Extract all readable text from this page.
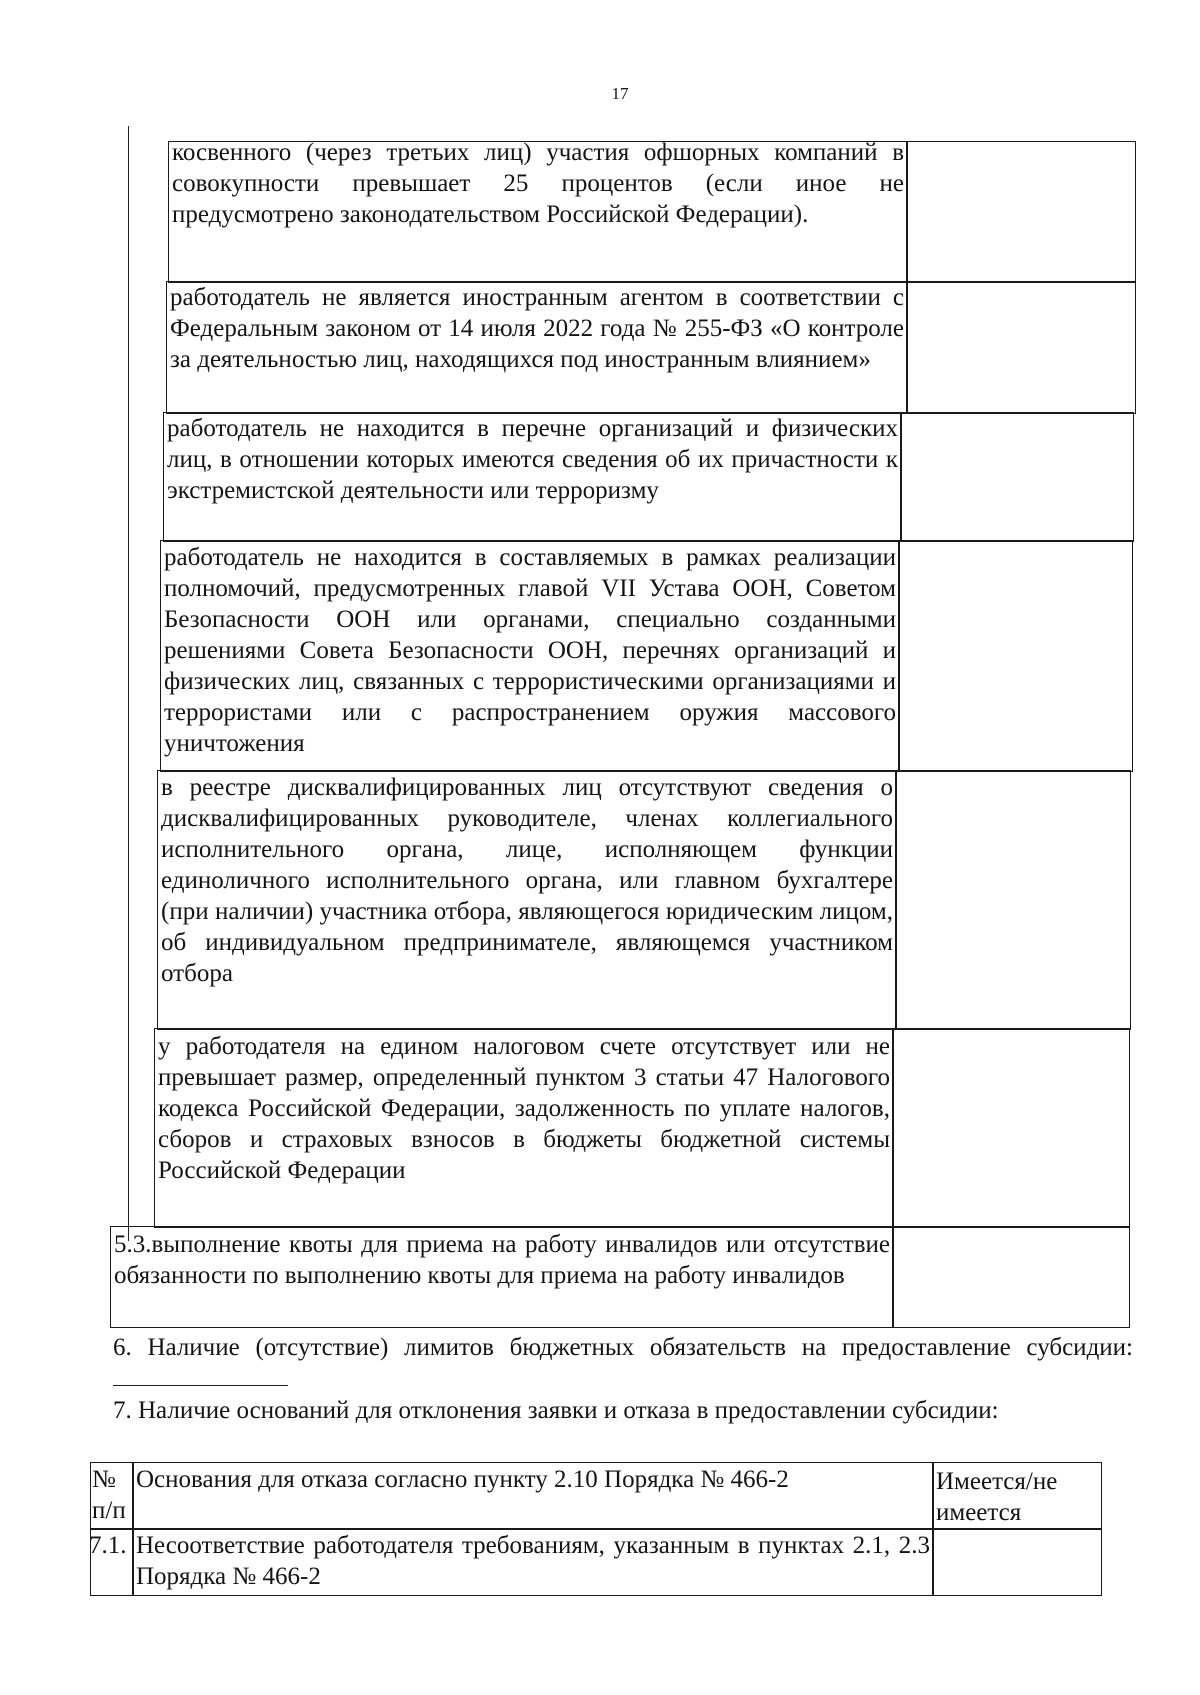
17
косвенного (через третьих лиц) участия офшорных компаний в совокупности превышает 25 процентов (если иное не предусмотрено законодательством Российской Федерации).
работодатель не является иностранным агентом в соответствии с Федеральным законом от 14 июля 2022 года № 255-ФЗ «О контроле за деятельностью лиц, находящихся под иностранным влиянием»
работодатель не находится в перечне организаций и физических лиц, в отношении которых имеются сведения об их причастности к экстремистской деятельности или терроризму
работодатель не находится в составляемых в рамках реализации полномочий, предусмотренных главой VII Устава ООН, Советом Безопасности ООН или органами, специально созданными решениями Совета Безопасности ООН, перечнях организаций и физических лиц, связанных с террористическими организациями и террористами или с распространением оружия массового уничтожения
в реестре дисквалифицированных лиц отсутствуют сведения о дисквалифицированных руководителе, членах коллегиального исполнительного органа, лице, исполняющем функции единоличного исполнительного органа, или главном бухгалтере (при наличии) участника отбора, являющегося юридическим лицом, об индивидуальном предпринимателе, являющемся участником отбора
у работодателя на едином налоговом счете отсутствует или не превышает размер, определенный пунктом 3 статьи 47 Налогового кодекса Российской Федерации, задолженность по уплате налогов, сборов и страховых взносов в бюджеты бюджетной системы Российской Федерации
5.3.выполнение квоты для приема на работу инвалидов или отсутствие обязанности по выполнению квоты для приема на работу инвалидов
6. Наличие (отсутствие) лимитов бюджетных обязательств на предоставление субсидии:
7. Наличие оснований для отклонения заявки и отказа в предоставлении субсидии:
№ п/п
Основания для отказа согласно пункту 2.10 Порядка № 466-2	Имеется/не имеется
7.1. Несоответствие работодателя требованиям, указанным в пунктах 2.1, 2.3 Порядка № 466-2
